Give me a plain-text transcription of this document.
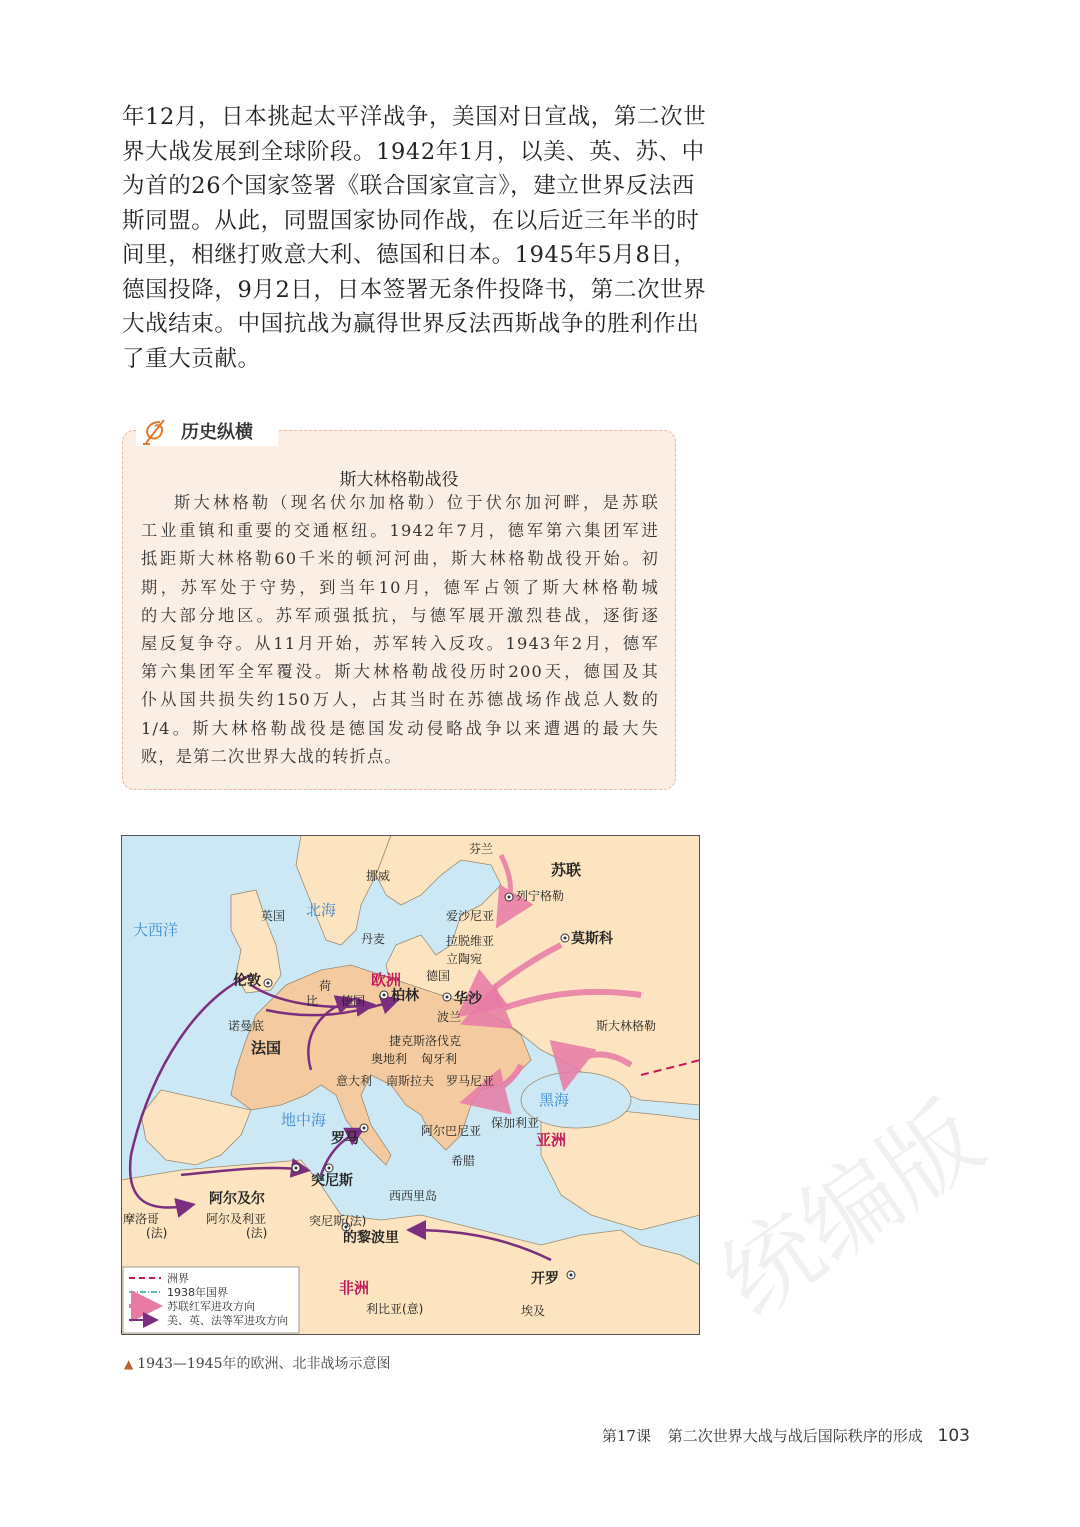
统编版
年12月，日本挑起太平洋战争，美国对日宣战，第二次世
界大战发展到全球阶段。1942年1月，以美、英、苏、中
为首的26个国家签署《联合国家宣言》，建立世界反法西
斯同盟。从此，同盟国家协同作战，在以后近三年半的时
间里，相继打败意大利、德国和日本。1945年5月8日，
德国投降，9月2日，日本签署无条件投降书，第二次世界
大战结束。中国抗战为赢得世界反法西斯战争的胜利作出
了重大贡献。
斯大林格勒战役
斯大林格勒（现名伏尔加格勒）位于伏尔加河畔，是苏联
工业重镇和重要的交通枢纽。1942年7月，德军第六集团军进
抵距斯大林格勒60千米的顿河河曲，斯大林格勒战役开始。初
期，苏军处于守势，到当年10月，德军占领了斯大林格勒城
的大部分地区。苏军顽强抵抗，与德军展开激烈巷战，逐街逐
屋反复争夺。从11月开始，苏军转入反攻。1943年2月，德军
第六集团军全军覆没。斯大林格勒战役历时200天，德国及其
仆从国共损失约150万人，占其当时在苏德战场作战总人数的
1/4。斯大林格勒战役是德国发动侵略战争以来遭遇的最大失
败，是第二次世界大战的转折点。
历史纵横
芬兰
苏联
挪威
英国
大西洋
北海
列宁格勒
爱沙尼亚
拉脱维亚
立陶宛
莫斯科
丹麦
德国
德国
伦敦	荷
比	柏林	华沙
波兰
欧洲
斯大林格勒
诺曼底
法国	捷克斯洛伐克
奥地利 匈牙利
罗马尼亚
黑海
意大利 南斯拉夫
保加利亚
阿尔巴尼亚
希腊
罗马
地中海
亚洲
阿尔及尔
突尼斯
突尼斯(法)
西西里岛
摩洛哥
(法)
阿尔及利亚
(法)	的黎波里
利比亚(意)
非洲	开罗
埃及
洲界
1938年国界
苏联红军进攻方向
美、英、法等军进攻方向
▲ 1943—1945年的欧洲、北非战场示意图
第17课 第二次世界大战与战后国际秩序的形成 103
